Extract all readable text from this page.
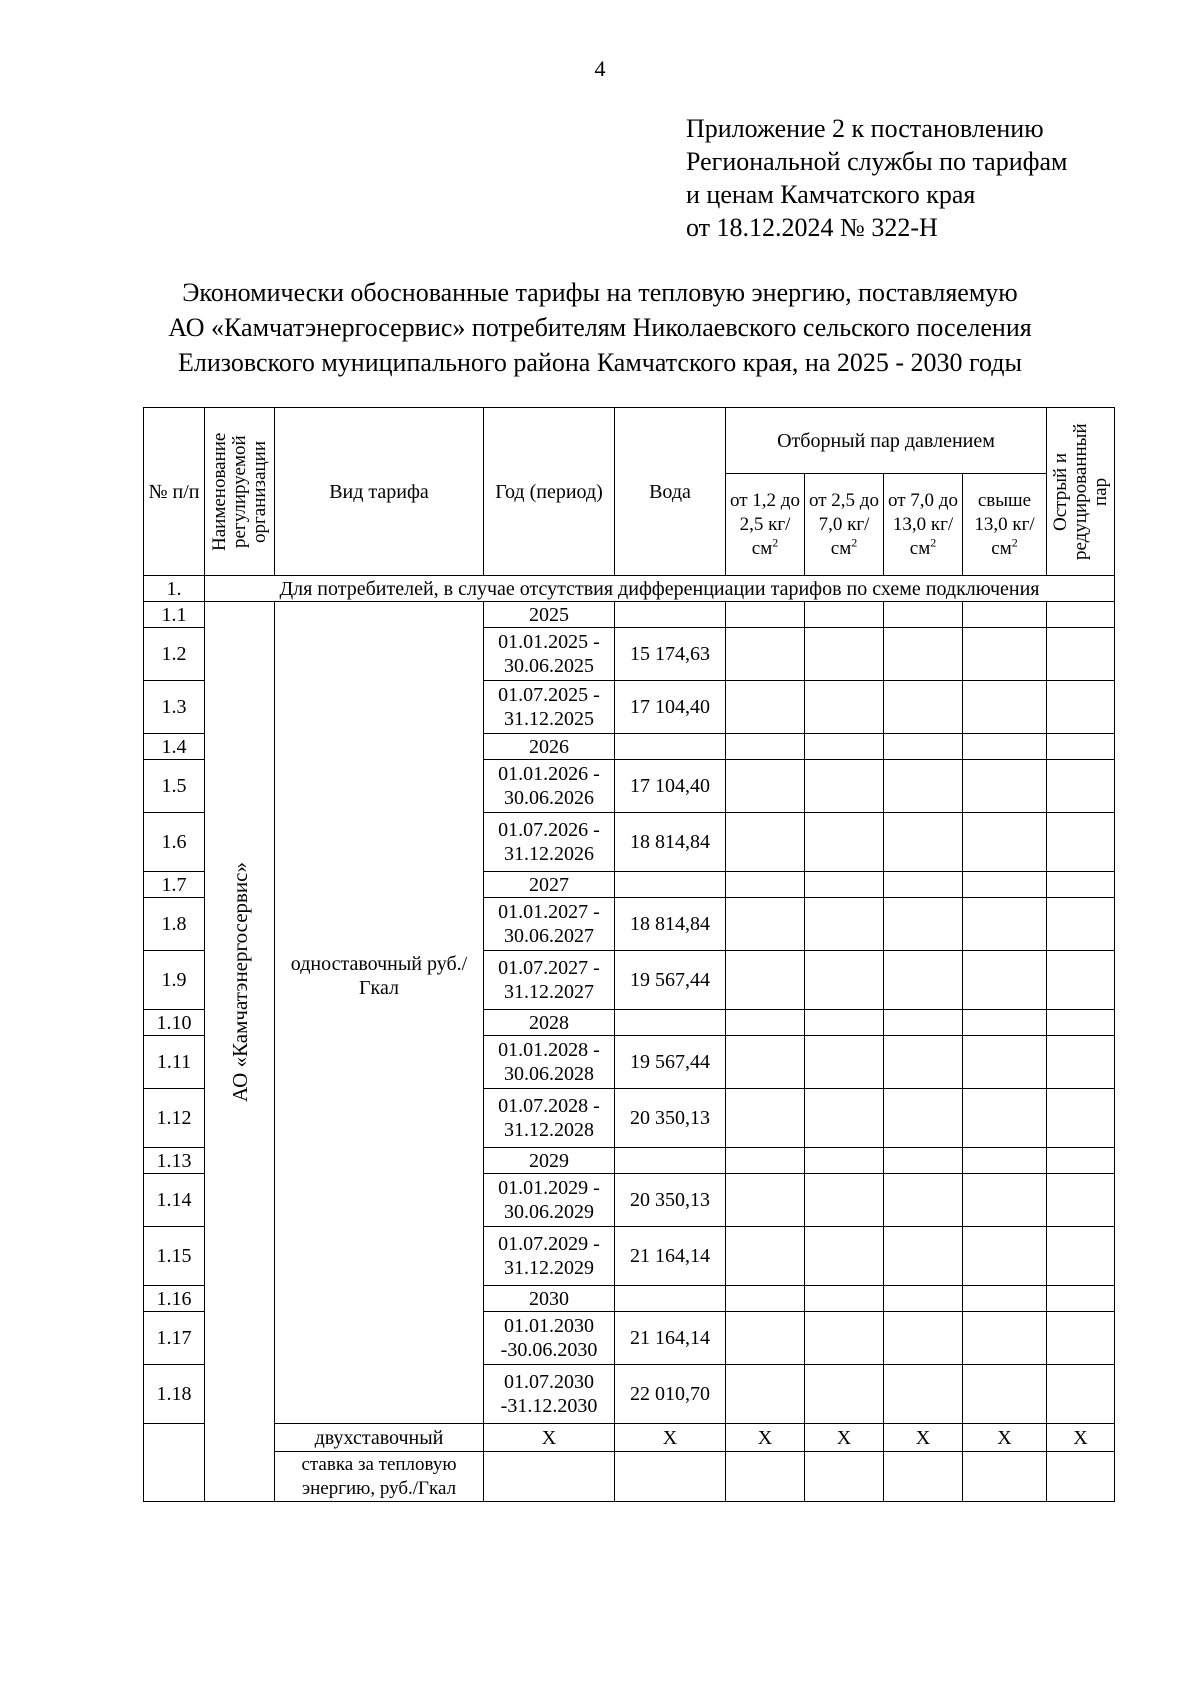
4
Приложение 2 к постановлению
Региональной службы по тарифам
и ценам Камчатского края
от 18.12.2024 № 322-Н
Экономически обоснованные тарифы на тепловую энергию, поставляемую
АО «Камчатэнергосервис» потребителям Николаевского сельского поселения
Елизовского муниципального района Камчатского края, на 2025 - 2030 годы
№ п/п	Наименование регулируемой организации	Вид тарифа	Год (период)	Вода	Отборный пар давлением				Острый и редуцированный пар

					от 1,2 до 2,5 $кг/см^2$	от 2,5 до 7,0 $кг/см^2$	от 7,0 до 13,0 $кг/см^2$	свыше 13,0 $кг/см^2$
1.	Для потребителей, в случае отсутствия дифференциации тарифов по схеме подключения								
1.1	АО «Камчатэнергосервис»	одноставочный руб./Гкал	2025						
1.2			01.01.2025 - 30.06.2025	15 174,63					
1.3			01.07.2025 - 31.12.2025	17 104,40					
1.4			2026						
1.5			01.01.2026 - 30.06.2026	17 104,40					
1.6			01.07.2026 - 31.12.2026	18 814,84					
1.7			2027						
1.8			01.01.2027 - 30.06.2027	18 814,84					
1.9			01.07.2027 - 31.12.2027	19 567,44					
1.10			2028						
1.11			01.01.2028 - 30.06.2028	19 567,44					
1.12			01.07.2028 - 31.12.2028	20 350,13					
1.13			2029						
1.14			01.01.2029 - 30.06.2029	20 350,13					
1.15			01.07.2029 - 31.12.2029	21 164,14					
1.16			2030						
1.17			01.01.2030 -30.06.2030	21 164,14					
1.18			01.07.2030 -31.12.2030	22 010,70					
		двухставочный	Х	Х	Х	Х	Х	Х	Х
		ставка за тепловую энергию, руб./Гкал							
